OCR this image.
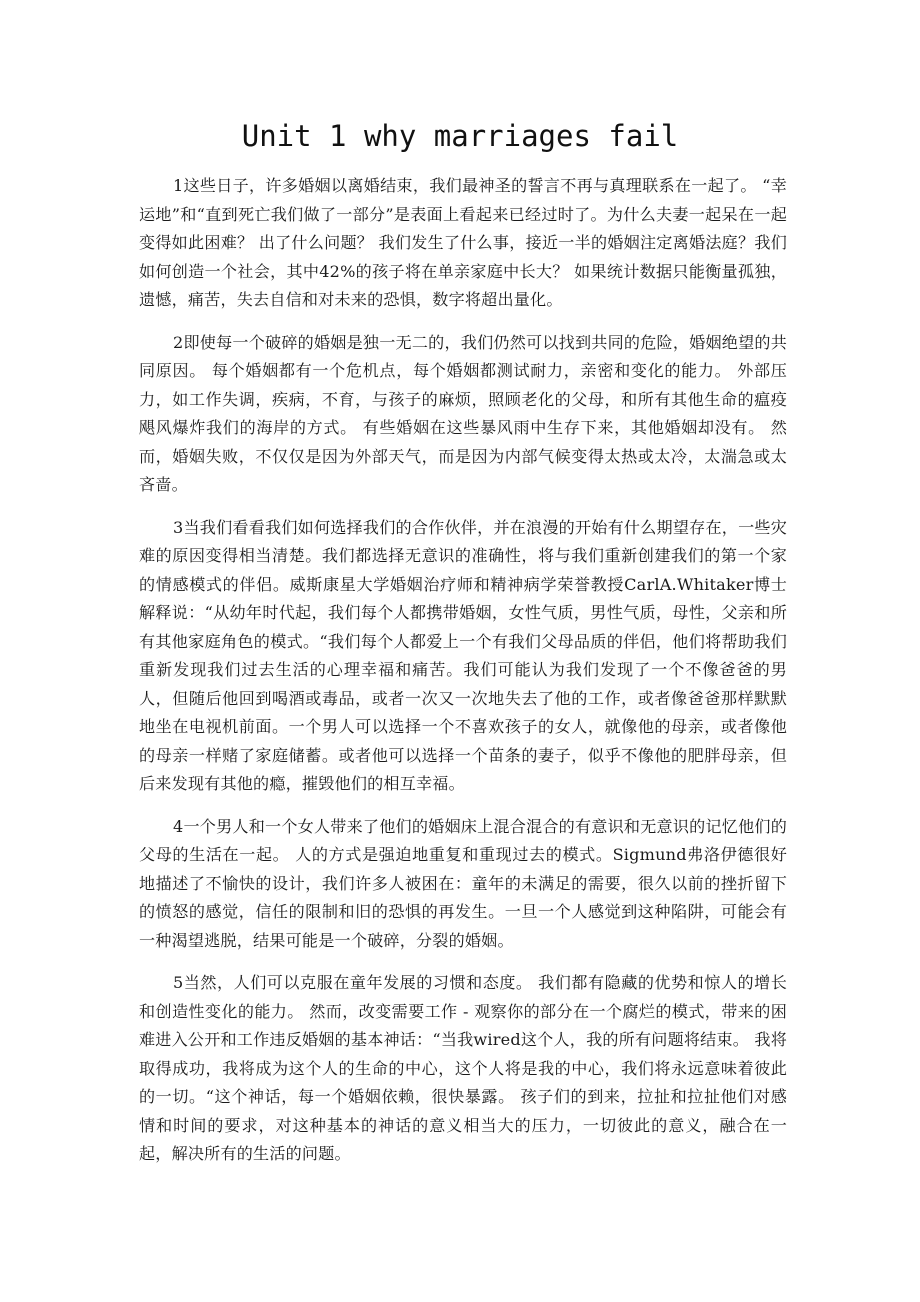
Unit 1 why marriages fail

1这些日子，许多婚姻以离婚结束，我们最神圣的誓言不再与真理联系在一起了。 “幸运地”和“直到死亡我们做了一部分”是表面上看起来已经过时了。为什么夫妻一起呆在一起变得如此困难？ 出了什么问题？ 我们发生了什么事，接近一半的婚姻注定离婚法庭？我们如何创造一个社会，其中42%的孩子将在单亲家庭中长大？ 如果统计数据只能衡量孤独，遗憾，痛苦，失去自信和对未来的恐惧，数字将超出量化。

2即使每一个破碎的婚姻是独一无二的，我们仍然可以找到共同的危险，婚姻绝望的共同原因。 每个婚姻都有一个危机点，每个婚姻都测试耐力，亲密和变化的能力。 外部压力，如工作失调，疾病，不育，与孩子的麻烦，照顾老化的父母，和所有其他生命的瘟疫飓风爆炸我们的海岸的方式。 有些婚姻在这些暴风雨中生存下来，其他婚姻却没有。 然而，婚姻失败，不仅仅是因为外部天气，而是因为内部气候变得太热或太冷，太湍急或太吝啬。

3当我们看看我们如何选择我们的合作伙伴，并在浪漫的开始有什么期望存在，一些灾难的原因变得相当清楚。我们都选择无意识的准确性，将与我们重新创建我们的第一个家的情感模式的伴侣。威斯康星大学婚姻治疗师和精神病学荣誉教授CarlA.Whitaker博士解释说：“从幼年时代起，我们每个人都携带婚姻，女性气质，男性气质，母性，父亲和所有其他家庭角色的模式。“我们每个人都爱上一个有我们父母品质的伴侣，他们将帮助我们重新发现我们过去生活的心理幸福和痛苦。我们可能认为我们发现了一个不像爸爸的男人，但随后他回到喝酒或毒品，或者一次又一次地失去了他的工作，或者像爸爸那样默默地坐在电视机前面。一个男人可以选择一个不喜欢孩子的女人，就像他的母亲，或者像他的母亲一样赌了家庭储蓄。或者他可以选择一个苗条的妻子，似乎不像他的肥胖母亲，但后来发现有其他的瘾，摧毁他们的相互幸福。

4一个男人和一个女人带来了他们的婚姻床上混合混合的有意识和无意识的记忆他们的父母的生活在一起。 人的方式是强迫地重复和重现过去的模式。Sigmund弗洛伊德很好地描述了不愉快的设计，我们许多人被困在：童年的未满足的需要，很久以前的挫折留下的愤怒的感觉，信任的限制和旧的恐惧的再发生。一旦一个人感觉到这种陷阱，可能会有一种渴望逃脱，结果可能是一个破碎，分裂的婚姻。

5当然，人们可以克服在童年发展的习惯和态度。 我们都有隐藏的优势和惊人的增长和创造性变化的能力。 然而，改变需要工作 - 观察你的部分在一个腐烂的模式，带来的困难进入公开和工作违反婚姻的基本神话：“当我wired这个人，我的所有问题将结束。 我将取得成功，我将成为这个人的生命的中心，这个人将是我的中心，我们将永远意味着彼此的一切。“这个神话，每一个婚姻依赖，很快暴露。 孩子们的到来，拉扯和拉扯他们对感情和时间的要求，对这种基本的神话的意义相当大的压力，一切彼此的意义，融合在一起，解决所有的生活的问题。
